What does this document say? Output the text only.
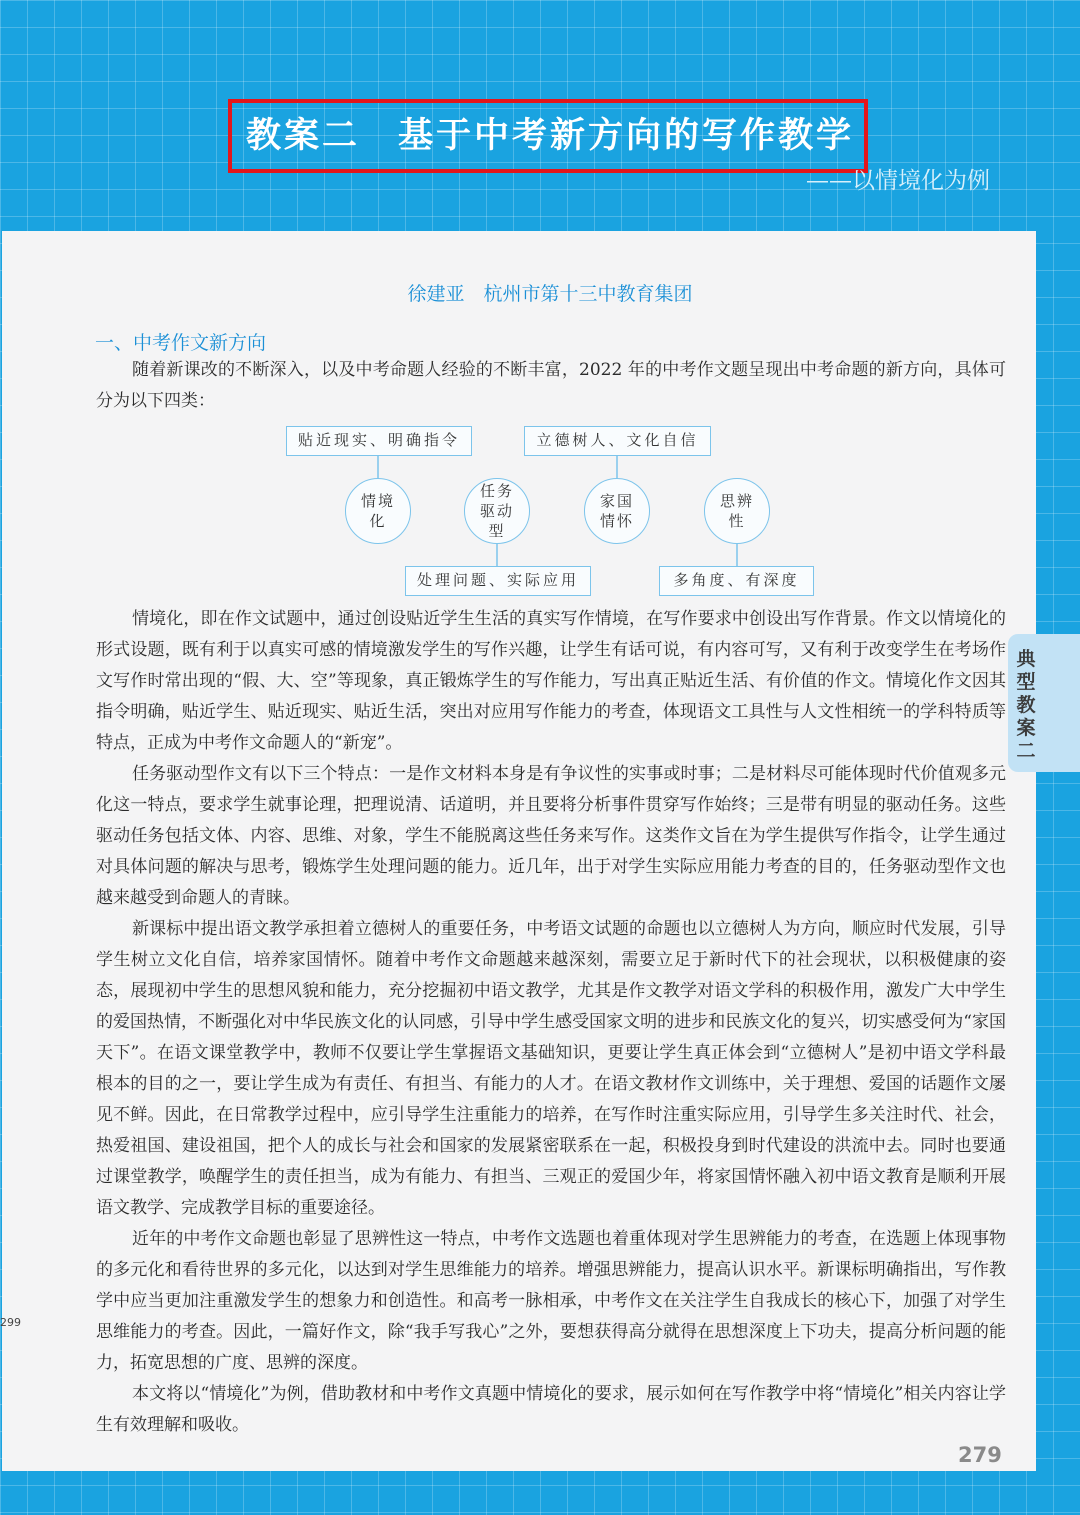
教案二　基于中考新方向的写作教学
——以情境化为例
典型教案二
徐建亚　杭州市第十三中教育集团
一、中考作文新方向

随着新课改的不断深入，以及中考命题人经验的不断丰富，2022 年的中考作文题呈现出中考命题的新方向，具体可分为以下四类：

贴近现实、明确指令	立德树人、文化自信
情境化
任务驱动型
家国情怀
思辨性
处理问题、实际应用	多角度、有深度

情境化，即在作文试题中，通过创设贴近学生生活的真实写作情境，在写作要求中创设出写作背景。作文以情境化的形式设题，既有利于以真实可感的情境激发学生的写作兴趣，让学生有话可说，有内容可写，又有利于改变学生在考场作文写作时常出现的“假、大、空”等现象，真正锻炼学生的写作能力，写出真正贴近生活、有价值的作文。情境化作文因其指令明确，贴近学生、贴近现实、贴近生活，突出对应用写作能力的考查，体现语文工具性与人文性相统一的学科特质等特点，正成为中考作文命题人的“新宠”。

任务驱动型作文有以下三个特点：一是作文材料本身是有争议性的实事或时事；二是材料尽可能体现时代价值观多元化这一特点，要求学生就事论理，把理说清、话道明，并且要将分析事件贯穿写作始终；三是带有明显的驱动任务。这些驱动任务包括文体、内容、思维、对象，学生不能脱离这些任务来写作。这类作文旨在为学生提供写作指令，让学生通过对具体问题的解决与思考，锻炼学生处理问题的能力。近几年，出于对学生实际应用能力考查的目的，任务驱动型作文也越来越受到命题人的青睐。

新课标中提出语文教学承担着立德树人的重要任务，中考语文试题的命题也以立德树人为方向，顺应时代发展，引导学生树立文化自信，培养家国情怀。随着中考作文命题越来越深刻，需要立足于新时代下的社会现状，以积极健康的姿态，展现初中学生的思想风貌和能力，充分挖掘初中语文教学，尤其是作文教学对语文学科的积极作用，激发广大中学生的爱国热情，不断强化对中华民族文化的认同感，引导中学生感受国家文明的进步和民族文化的复兴，切实感受何为“家国天下”。在语文课堂教学中，教师不仅要让学生掌握语文基础知识，更要让学生真正体会到“立德树人”是初中语文学科最根本的目的之一，要让学生成为有责任、有担当、有能力的人才。在语文教材作文训练中，关于理想、爱国的话题作文屡见不鲜。因此，在日常教学过程中，应引导学生注重能力的培养，在写作时注重实际应用，引导学生多关注时代、社会，热爱祖国、建设祖国，把个人的成长与社会和国家的发展紧密联系在一起，积极投身到时代建设的洪流中去。同时也要通过课堂教学，唤醒学生的责任担当，成为有能力、有担当、三观正的爱国少年，将家国情怀融入初中语文教育是顺利开展语文教学、完成教学目标的重要途径。

近年的中考作文命题也彰显了思辨性这一特点，中考作文选题也着重体现对学生思辨能力的考查，在选题上体现事物的多元化和看待世界的多元化，以达到对学生思维能力的培养。增强思辨能力，提高认识水平。新课标明确指出，写作教学中应当更加注重激发学生的想象力和创造性。和高考一脉相承，中考作文在关注学生自我成长的核心下，加强了对学生思维能力的考查。因此，一篇好作文，除“我手写我心”之外，要想获得高分就得在思想深度上下功夫，提高分析问题的能力，拓宽思想的广度、思辨的深度。

本文将以“情境化”为例，借助教材和中考作文真题中情境化的要求，展示如何在写作教学中将“情境化”相关内容让学生有效理解和吸收。

299
279
